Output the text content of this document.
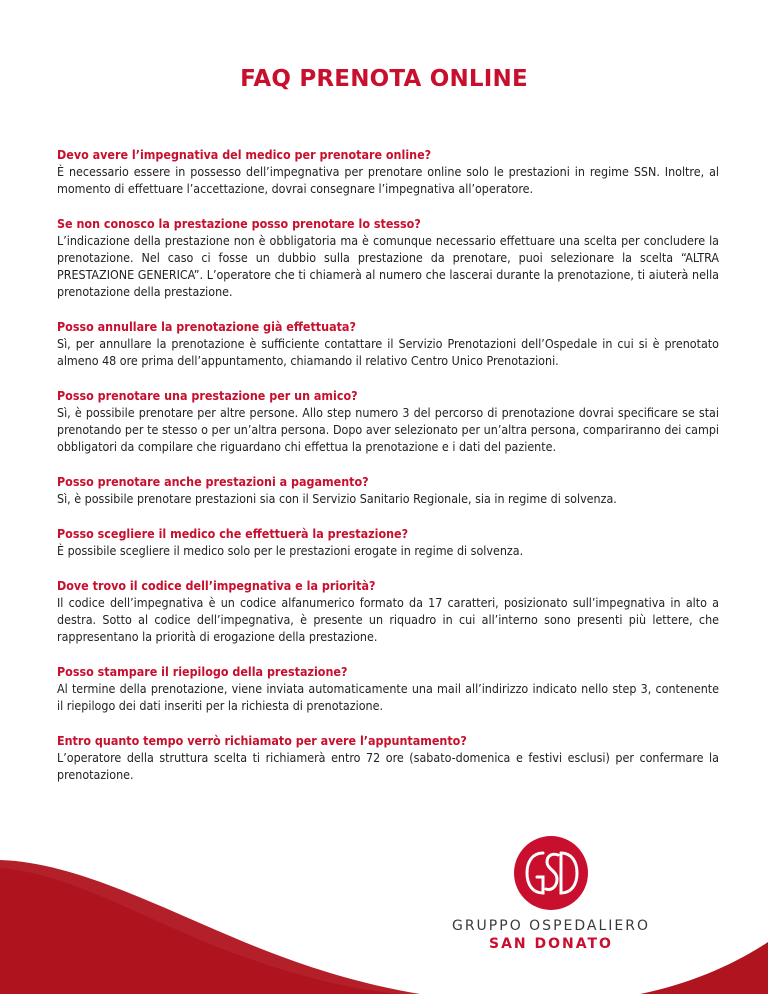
FAQ PRENOTA ONLINE

Devo avere l’impegnativa del medico per prenotare online?

È necessario essere in possesso dell’impegnativa per prenotare online solo le prestazioni in regime SSN. Inoltre, al momento di effettuare l’accettazione, dovrai consegnare l’impegnativa all’operatore.

Se non conosco la prestazione posso prenotare lo stesso?

L’indicazione della prestazione non è obbligatoria ma è comunque necessario effettuare una scelta per concludere la prenotazione. Nel caso ci fosse un dubbio sulla prestazione da prenotare, puoi selezionare la scelta “ALTRA PRESTAZIONE GENERICA”. L’operatore che ti chiamerà al numero che lascerai durante la prenotazione, ti aiuterà nella prenotazione della prestazione.

Posso annullare la prenotazione già effettuata?

Sì, per annullare la prenotazione è sufficiente contattare il Servizio Prenotazioni dell’Ospedale in cui si è prenotato almeno 48 ore prima dell’appuntamento, chiamando il relativo Centro Unico Prenotazioni.

Posso prenotare una prestazione per un amico?

Sì, è possibile prenotare per altre persone. Allo step numero 3 del percorso di prenotazione dovrai specificare se stai prenotando per te stesso o per un’altra persona. Dopo aver selezionato per un’altra persona, compariranno dei campi obbligatori da compilare che riguardano chi effettua la prenotazione e i dati del paziente.

Posso prenotare anche prestazioni a pagamento?

Sì, è possibile prenotare prestazioni sia con il Servizio Sanitario Regionale, sia in regime di solvenza.

Posso scegliere il medico che effettuerà la prestazione?

È possibile scegliere il medico solo per le prestazioni erogate in regime di solvenza.

Dove trovo il codice dell’impegnativa e la priorità?

Il codice dell’impegnativa è un codice alfanumerico formato da 17 caratteri, posizionato sull’impegnativa in alto a destra. Sotto al codice dell’impegnativa, è presente un riquadro in cui all’interno sono presenti più lettere, che rappresentano la priorità di erogazione della prestazione.

Posso stampare il riepilogo della prestazione?

Al termine della prenotazione, viene inviata automaticamente una mail all’indirizzo indicato nello step 3, contenente il riepilogo dei dati inseriti per la richiesta di prenotazione.

Entro quanto tempo verrò richiamato per avere l’appuntamento?

L’operatore della struttura scelta ti richiamerà entro 72 ore (sabato-domenica e festivi esclusi) per confermare la prenotazione.

GRUPPO OSPEDALIERO
SAN DONATO
